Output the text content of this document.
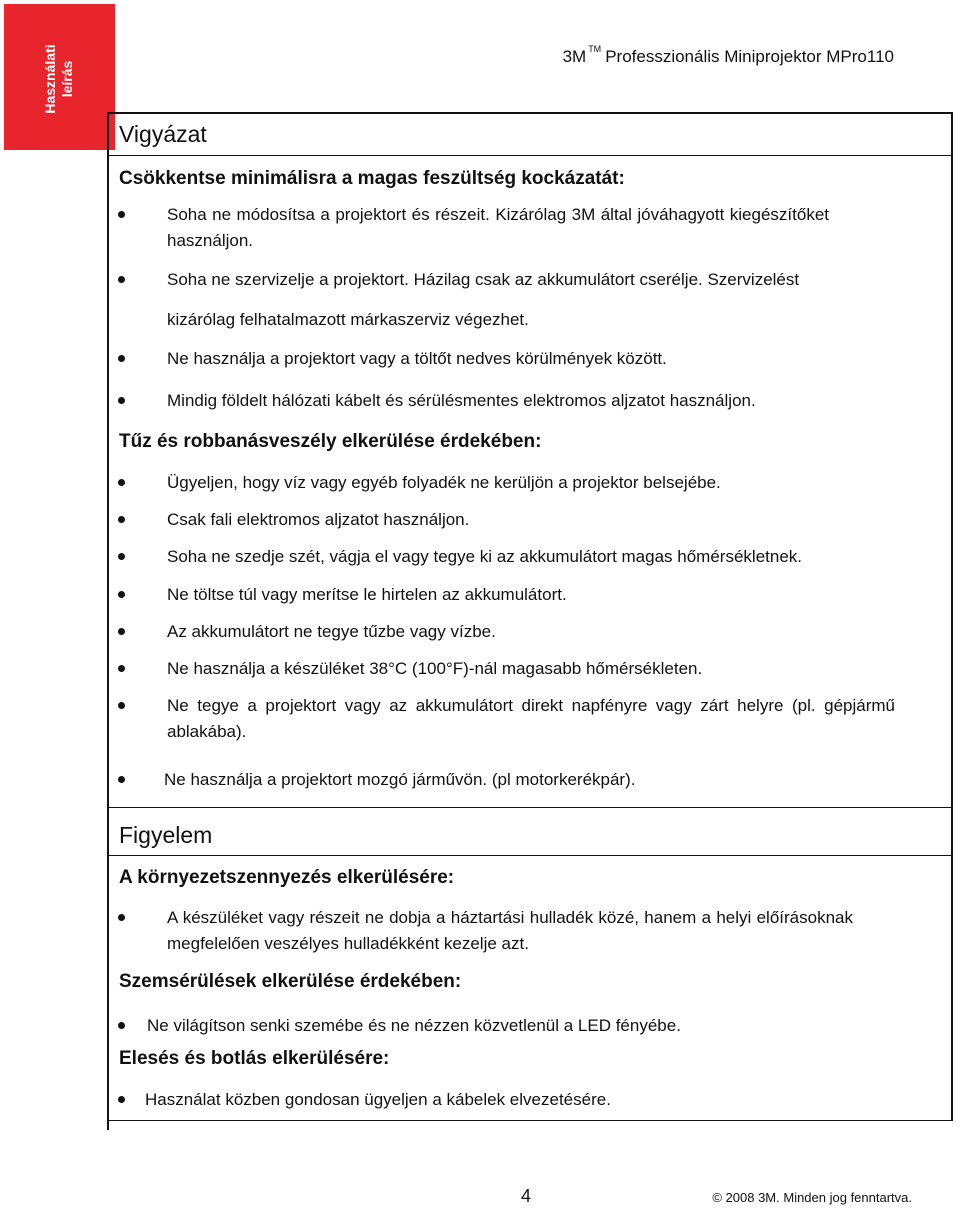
Használati leírás
3M ™ Professzionális Miniprojektor MPro110
Vigyázat
Csökkentse minimálisra a magas feszültség kockázatát:
Soha ne módosítsa a projektort és részeit. Kizárólag 3M által jóváhagyott kiegészítőket használjon.
Soha ne szervizelje a projektort. Házilag csak az akkumulátort cserélje. Szervizelést
kizárólag felhatalmazott márkaszerviz végezhet.
Ne használja a projektort vagy a töltőt nedves körülmények között.
Mindig földelt hálózati kábelt és sérülésmentes elektromos aljzatot használjon.
Tűz és robbanásveszély elkerülése érdekében:
Ügyeljen, hogy víz vagy egyéb folyadék ne kerüljön a projektor belsejébe.
Csak fali elektromos aljzatot használjon.
Soha ne szedje szét, vágja el vagy tegye ki az akkumulátort magas hőmérsékletnek.
Ne töltse túl vagy merítse le hirtelen az akkumulátort.
Az akkumulátort ne tegye tűzbe vagy vízbe.
Ne használja a készüléket 38°C (100°F)-nál magasabb hőmérsékleten.
Ne tegye a projektort vagy az akkumulátort direkt napfényre vagy zárt helyre (pl. gépjármű ablakába).
Ne használja a projektort mozgó járművön. (pl motorkerékpár).
Figyelem
A környezetszennyezés elkerülésére:
A készüléket vagy részeit ne dobja a háztartási hulladék közé, hanem a helyi előírásoknak megfelelően veszélyes hulladékként kezelje azt.
Szemsérülések elkerülése érdekében:
Ne világítson senki szemébe és ne nézzen közvetlenül a LED fényébe.
Elesés és botlás elkerülésére:
Használat közben gondosan ügyeljen a kábelek elvezetésére.
4	© 2008 3M. Minden jog fenntartva.
